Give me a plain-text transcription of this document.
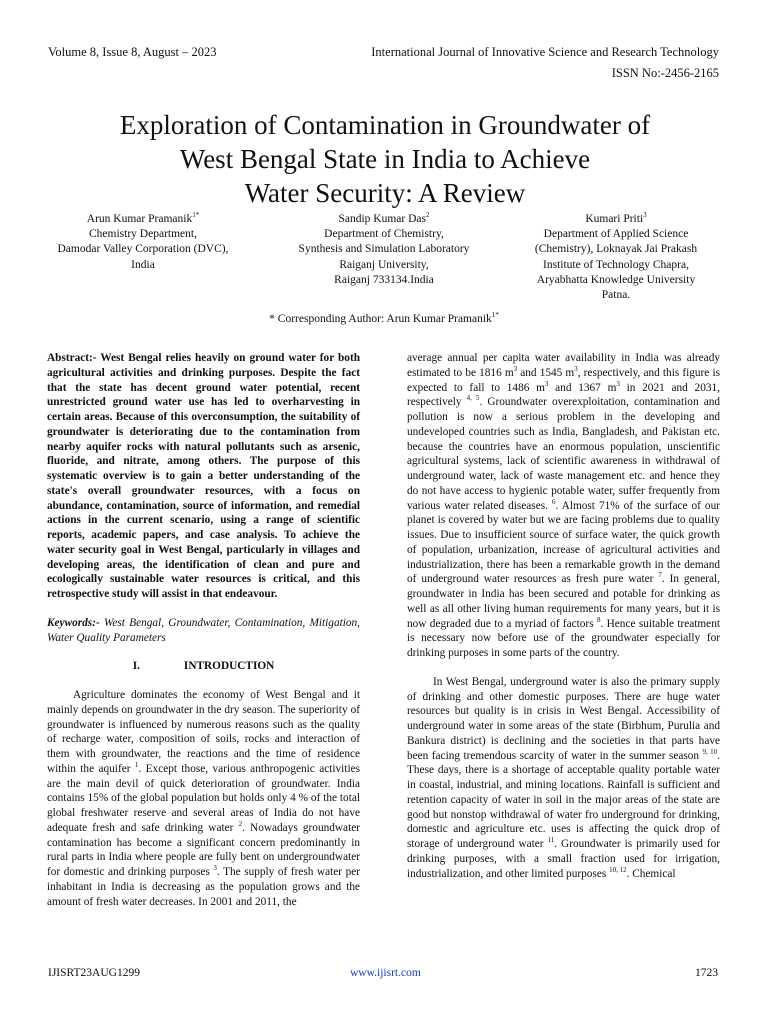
Volume 8, Issue 8, August – 2023	International Journal of Innovative Science and Research Technology
ISSN No:-2456-2165
Exploration of Contamination in Groundwater of
West Bengal State in India to Achieve
Water Security: A Review
Arun Kumar Pramanik$^{1*}$
Chemistry Department,
Damodar Valley Corporation (DVC),
India
Sandip Kumar Das$^2$
Department of Chemistry,
Synthesis and Simulation Laboratory
Raiganj University,
Raiganj 733134.India
Kumari Priti$^3$
Department of Applied Science
(Chemistry), Loknayak Jai Prakash
Institute of Technology Chapra,
Aryabhatta Knowledge University
Patna.
* Corresponding Author: Arun Kumar Pramanik$^{1*}$

Abstract:- West Bengal relies heavily on ground water for both agricultural activities and drinking purposes. Despite the fact that the state has decent ground water potential, recent unrestricted ground water use has led to overharvesting in certain areas. Because of this overconsumption, the suitability of groundwater is deteriorating due to the contamination from nearby aquifer rocks with natural pollutants such as arsenic, fluoride, and nitrate, among others. The purpose of this systematic overview is to gain a better understanding of the state's overall groundwater resources, with a focus on abundance, contamination, source of information, and remedial actions in the current scenario, using a range of scientific reports, academic papers, and case analysis. To achieve the water security goal in West Bengal, particularly in villages and developing areas, the identification of clean and pure and ecologically sustainable water resources is critical, and this retrospective study will assist in that endeavour.

Keywords:- West Bengal, Groundwater, Contamination, Mitigation, Water Quality Parameters

I.	INTRODUCTION

Agriculture dominates the economy of West Bengal and it mainly depends on groundwater in the dry season. The superiority of groundwater is influenced by numerous reasons such as the quality of recharge water, composition of soils, rocks and interaction of them with groundwater, the reactions and the time of residence within the aquifer $^1$. Except those, various anthropogenic activities are the main devil of quick deterioration of groundwater. India contains 15% of the global population but holds only 4 % of the total global freshwater reserve and several areas of India do not have adequate fresh and safe drinking water $^2$. Nowadays groundwater contamination has become a significant concern predominantly in rural parts in India where people are fully bent on undergroundwater for domestic and drinking purposes $^3$. The supply of fresh water per inhabitant in India is decreasing as the population grows and the amount of fresh water decreases. In 2001 and 2011, the

average annual per capita water availability in India was already estimated to be 1816 $m^3$ and 1545 $m^3$, respectively, and this figure is expected to fall to 1486 $m^3$ and 1367 $m^3$ in 2021 and 2031, respectively $^{4, 5}$. Groundwater overexploitation, contamination and pollution is now a serious problem in the developing and undeveloped countries such as India, Bangladesh, and Pakistan etc. because the countries have an enormous population, unscientific agricultural systems, lack of scientific awareness in withdrawal of underground water, lack of waste management etc. and hence they do not have access to hygienic potable water, suffer frequently from various water related diseases. $^6$. Almost 71% of the surface of our planet is covered by water but we are facing problems due to quality issues. Due to insufficient source of surface water, the quick growth of population, urbanization, increase of agricultural activities and industrialization, there has been a remarkable growth in the demand of underground water resources as fresh pure water $^7$. In general, groundwater in India has been secured and potable for drinking as well as all other living human requirements for many years, but it is now degraded due to a myriad of factors $^8$. Hence suitable treatment is necessary now before use of the groundwater especially for drinking purposes in some parts of the country.

In West Bengal, underground water is also the primary supply of drinking and other domestic purposes. There are huge water resources but quality is in crisis in West Bengal. Accessibility of underground water in some areas of the state (Birbhum, Purulia and Bankura district) is declining and the societies in that parts have been facing tremendous scarcity of water in the summer season $^{9, 10}$. These days, there is a shortage of acceptable quality portable water in coastal, industrial, and mining locations. Rainfall is sufficient and retention capacity of water in soil in the major areas of the state are good but nonstop withdrawal of water fro underground for drinking, domestic and agriculture etc. uses is affecting the quick drop of storage of underground water $^{11}$. Groundwater is primarily used for drinking purposes, with a small fraction used for irrigation, industrialization, and other limited purposes $^{10, 12}$. Chemical

IJISRT23AUG1299	www.ijisrt.com	1723
